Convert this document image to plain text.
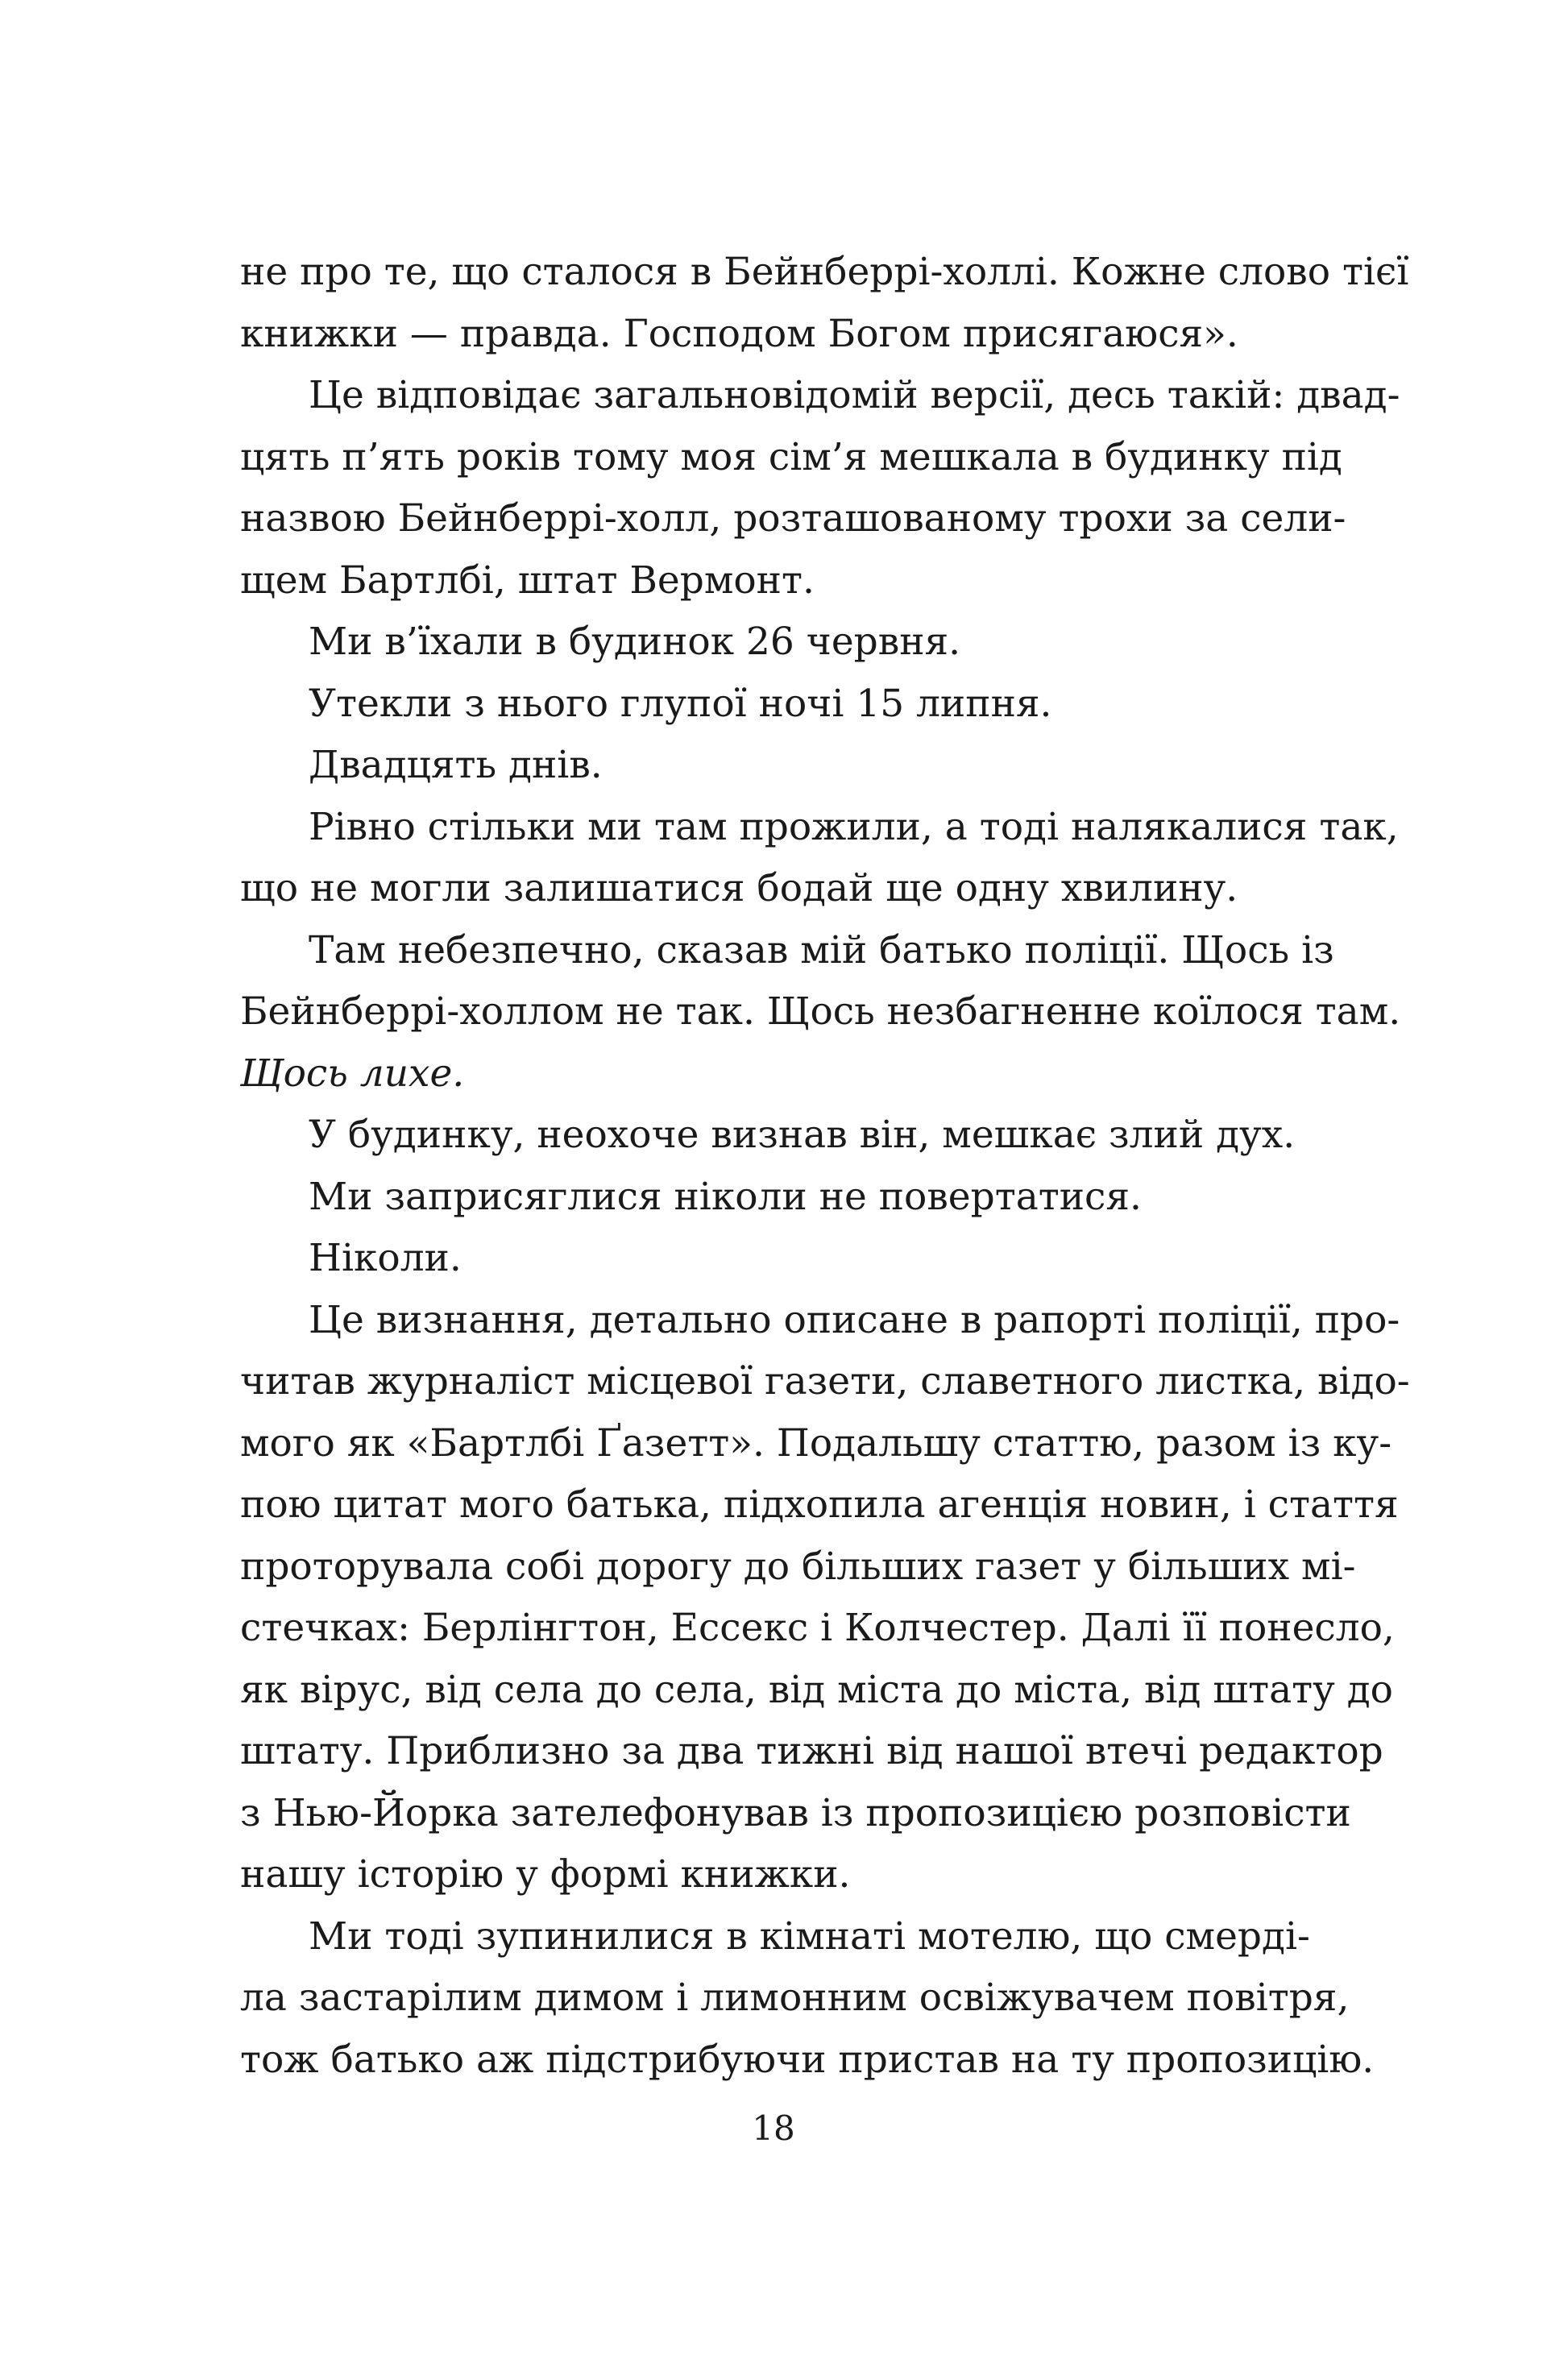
не про те, що сталося в Бейнберрі-холлі. Кожне слово тієї
книжки — правда. Господом Богом присягаюся».
Це відповідає загальновідомій версії, десь такій: двад-
цять п’ять років тому моя сім’я мешкала в будинку під
назвою Бейнберрі-холл, розташованому трохи за сели-
щем Бартлбі, штат Вермонт.
Ми в’їхали в будинок 26 червня.
Утекли з нього глупої ночі 15 липня.
Двадцять днів.
Рівно стільки ми там прожили, а тоді налякалися так,
що не могли залишатися бодай ще одну хвилину.
Там небезпечно, сказав мій батько поліції. Щось із
Бейнберрі-холлом не так. Щось незбагненне коїлося там.
Щось лихе.
У будинку, неохоче визнав він, мешкає злий дух.
Ми заприсяглися ніколи не повертатися.
Ніколи.
Це визнання, детально описане в рапорті поліції, про-
читав журналіст місцевої газети, славетного листка, відо-
мого як «Бартлбі Ґазетт». Подальшу статтю, разом із ку-
пою цитат мого батька, підхопила агенція новин, і стаття
проторувала собі дорогу до більших газет у більших мі-
стечках: Берлінгтон, Ессекс і Колчестер. Далі її понесло,
як вірус, від села до села, від міста до міста, від штату до
штату. Приблизно за два тижні від нашої втечі редактор
з Нью-Йорка зателефонував із пропозицією розповісти
нашу історію у формі книжки.
Ми тоді зупинилися в кімнаті мотелю, що смерді-
ла застарілим димом і лимонним освіжувачем повітря,
тож батько аж підстрибуючи пристав на ту пропозицію.
18
